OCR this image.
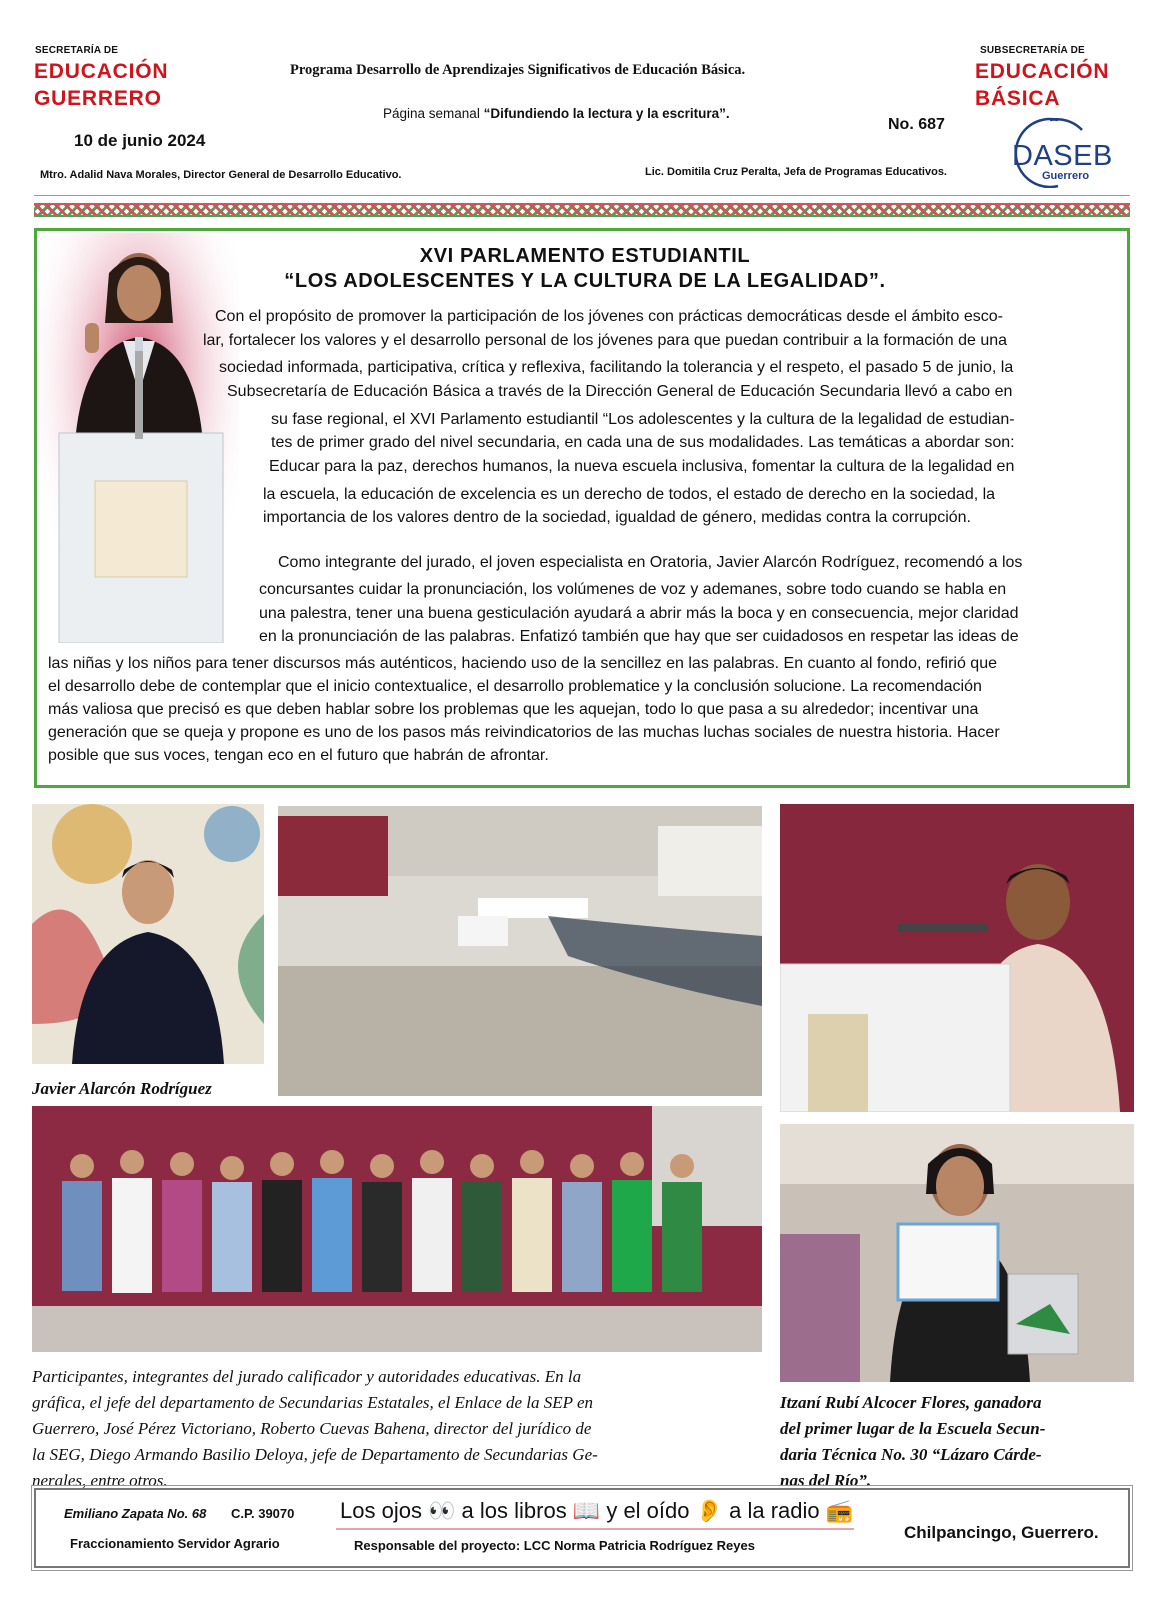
SECRETARÍA DE
EDUCACIÓN
GUERRERO
SUBSECRETARÍA DE
EDUCACIÓN
BÁSICA
Programa Desarrollo de Aprendizajes Significativos de Educación Básica.
Página semanal “Difundiendo la lectura y la escritura”.
10 de junio 2024
No. 687
Mtro. Adalid Nava Morales, Director General de Desarrollo Educativo.	Lic. Domitila Cruz Peralta, Jefa de Programas Educativos. DASEB
Guerrero
XVI PARLAMENTO ESTUDIANTIL
“LOS ADOLESCENTES Y LA CULTURA DE LA LEGALIDAD”.
Con el propósito de promover la participación de los jóvenes con prácticas democráticas desde el ámbito esco-
lar, fortalecer los valores y el desarrollo personal de los jóvenes para que puedan contribuir a la formación de una
sociedad informada, participativa, crítica y reflexiva, facilitando la tolerancia y el respeto, el pasado 5 de junio, la
Subsecretaría de Educación Básica a través de la Dirección General de Educación Secundaria llevó a cabo en
su fase regional, el XVI Parlamento estudiantil “Los adolescentes y la cultura de la legalidad de estudian-
tes de primer grado del nivel secundaria, en cada una de sus modalidades. Las temáticas a abordar son:
Educar para la paz, derechos humanos, la nueva escuela inclusiva, fomentar la cultura de la legalidad en
la escuela, la educación de excelencia es un derecho de todos, el estado de derecho en la sociedad, la
importancia de los valores dentro de la sociedad, igualdad de género, medidas contra la corrupción.
Como integrante del jurado, el joven especialista en Oratoria, Javier Alarcón Rodríguez, recomendó a los
concursantes cuidar la pronunciación, los volúmenes de voz y ademanes, sobre todo cuando se habla en
una palestra, tener una buena gesticulación ayudará a abrir más la boca y en consecuencia, mejor claridad
en la pronunciación de las palabras. Enfatizó también que hay que ser cuidadosos en respetar las ideas de
las niñas y los niños para tener discursos más auténticos, haciendo uso de la sencillez en las palabras. En cuanto al fondo, refirió que
el desarrollo debe de contemplar que el inicio contextualice, el desarrollo problematice y la conclusión solucione. La recomendación
más valiosa que precisó es que deben hablar sobre los problemas que les aquejan, todo lo que pasa a su alrededor; incentivar una
generación que se queja y propone es uno de los pasos más reivindicatorios de las muchas luchas sociales de nuestra historia. Hacer
posible que sus voces, tengan eco en el futuro que habrán de afrontar.
Javier Alarcón Rodríguez
Participantes, integrantes del jurado calificador y autoridades educativas. En la
gráfica, el jefe del departamento de Secundarias Estatales, el Enlace de la SEP en
Guerrero, José Pérez Victoriano, Roberto Cuevas Bahena, director del jurídico de
la SEG, Diego Armando Basilio Deloya, jefe de Departamento de Secundarias Ge-
nerales, entre otros.
Itzaní Rubí Alcocer Flores, ganadora
del primer lugar de la Escuela Secun-
daria Técnica No. 30 “Lázaro Cárde-
nas del Río”.
Emiliano Zapata No. 68 C.P. 39070
Fraccionamiento Servidor Agrario
Los ojos 👀 a los libros 📖 y el oído 👂 a la radio 📻
Responsable del proyecto: LCC Norma Patricia Rodríguez Reyes
Chilpancingo, Guerrero.
